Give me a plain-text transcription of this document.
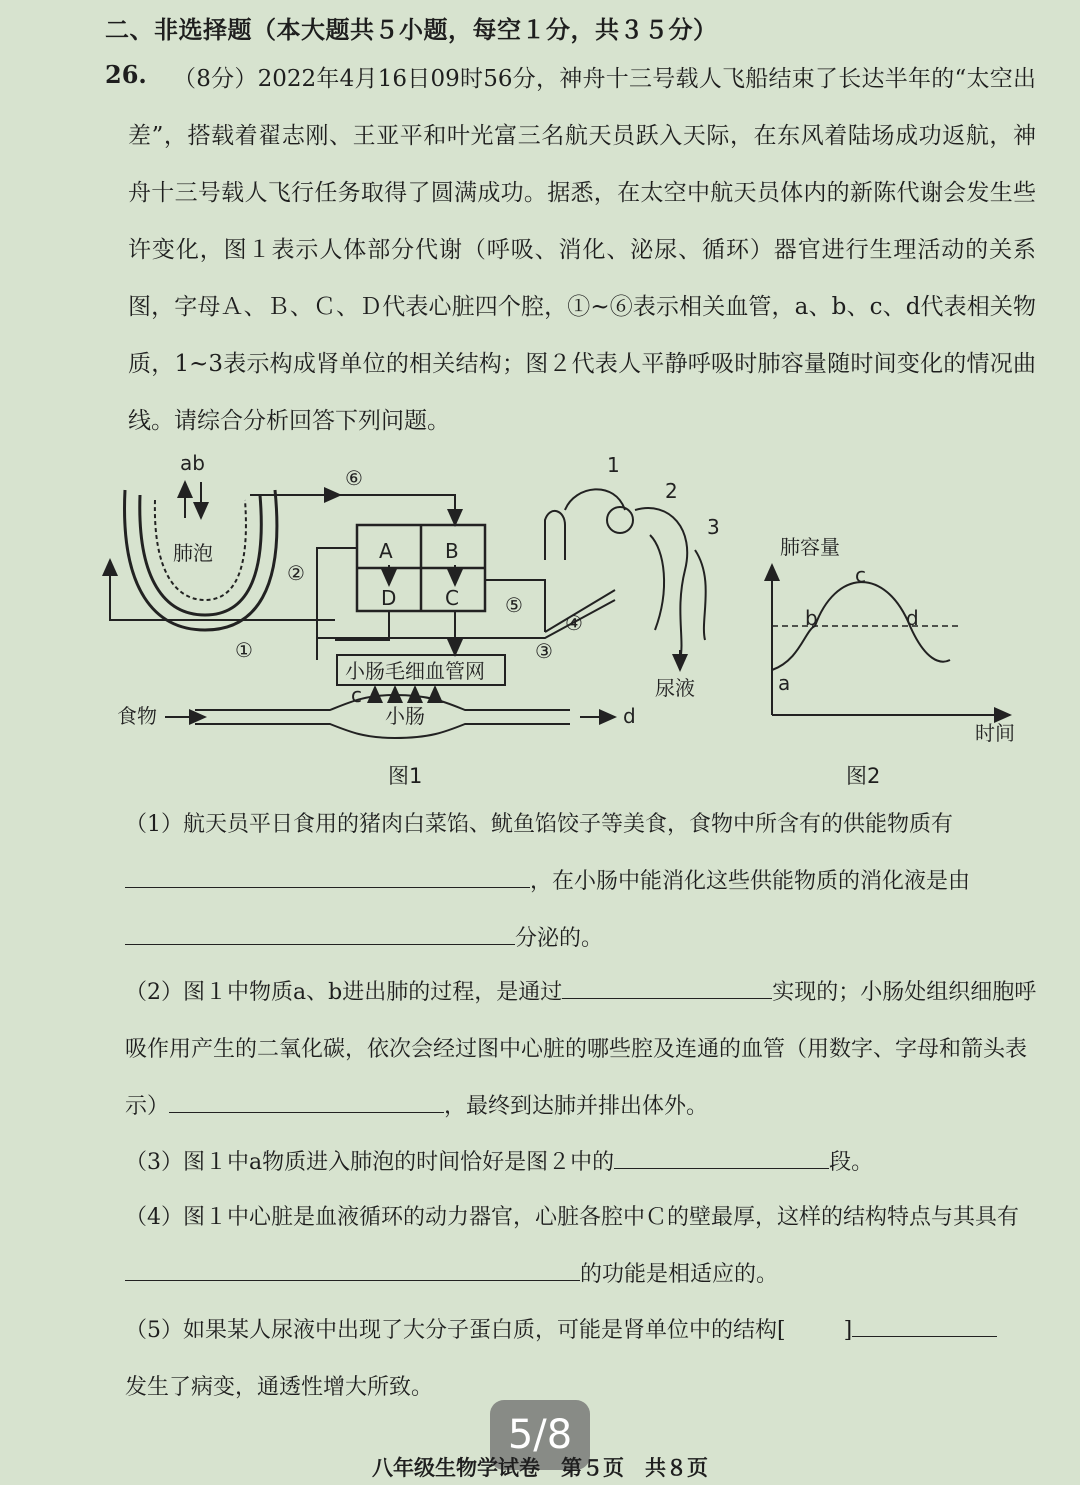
二、非选择题（本大题共５小题，每空１分，共３５分）
26.	（8分）2022年4月16日09时56分，神舟十三号载人飞船结束了长达半年的“太空出差”，搭载着翟志刚、王亚平和叶光富三名航天员跃入天际，在东风着陆场成功返航，神舟十三号载人飞行任务取得了圆满成功。据悉，在太空中航天员体内的新陈代谢会发生些许变化，图１表示人体部分代谢（呼吸、消化、泌尿、循环）器官进行生理活动的关系图，字母Ａ、Ｂ、Ｃ、Ｄ代表心脏四个腔，①~⑥表示相关血管，a、b、c、d代表相关物质，1~3表示构成肾单位的相关结构；图２代表人平静呼吸时肺容量随时间变化的情况曲线。请综合分析回答下列问题。
ab
肺泡
⑥
②
①
⑤
④
③
A	B
D C
小肠毛细血管网
c
小肠
食物	d
尿液
1
2
3
图1
肺容量
时间
a
b
c
d
图2
（1）航天员平日食用的猪肉白菜馅、鱿鱼馅饺子等美食，食物中所含有的供能物质有
，在小肠中能消化这些供能物质的消化液是由
分泌的。
（2）图１中物质a、b进出肺的过程，是通过	实现的；小肠处组织细胞呼吸作用产生的二氧化碳，依次会经过图中心脏的哪些腔及连通的血管（用数字、字母和箭头表示）	，最终到达肺并排出体外。
（3）图１中a物质进入肺泡的时间恰好是图２中的	段。
（4）图１中心脏是血液循环的动力器官，心脏各腔中Ｃ的壁最厚，这样的结构特点与其具有的功能是相适应的。
（5）如果某人尿液中出现了大分子蛋白质，可能是肾单位中的结构[	]
发生了病变，通透性增大所致。
5/8
八年级生物学试卷　第５页　共８页
